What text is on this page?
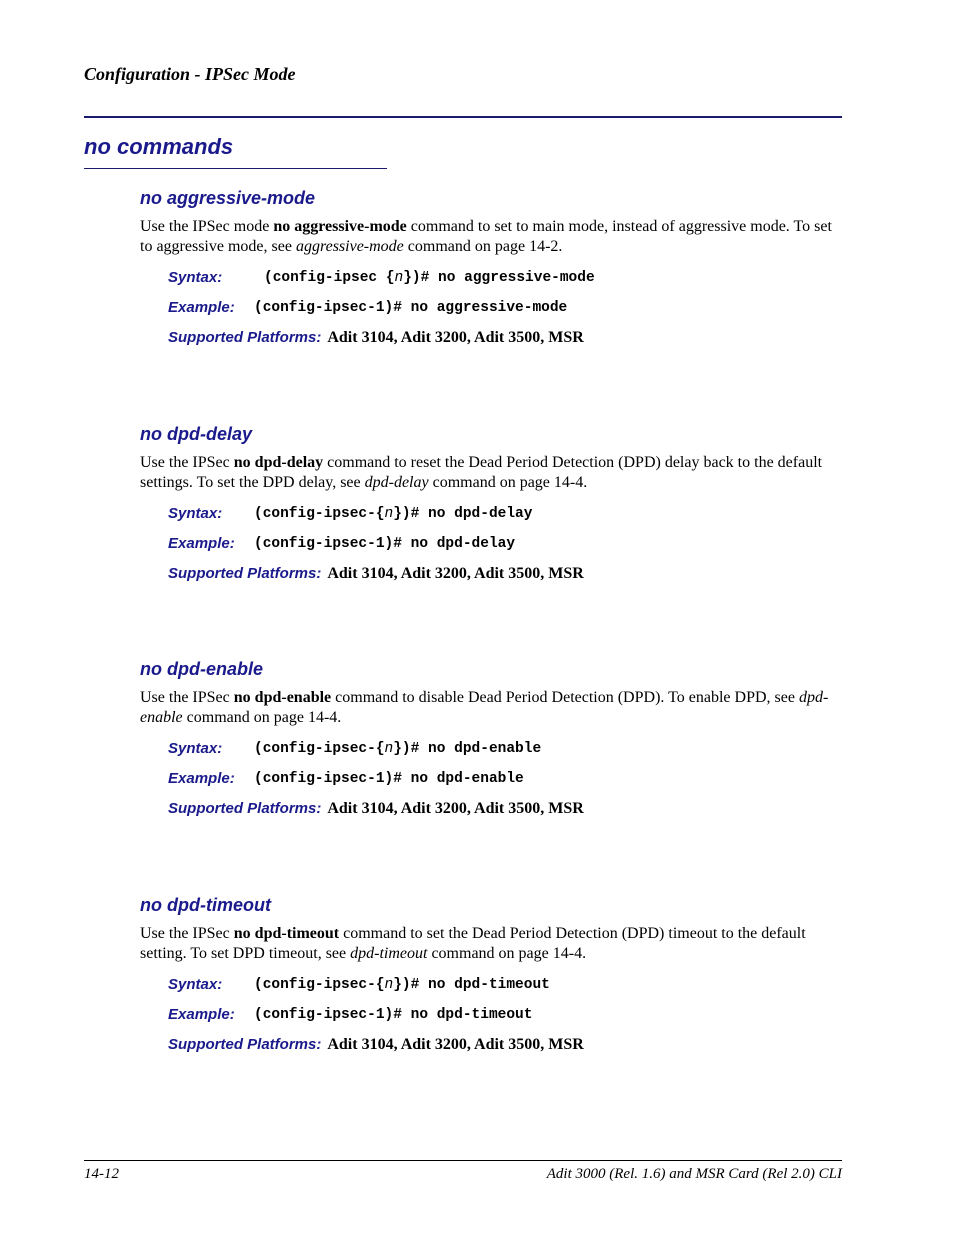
Configuration - IPSec Mode
no commands
no aggressive-mode

Use the IPSec mode no aggressive-mode command to set to main mode, instead of aggressive mode. To set to aggressive mode, see aggressive-mode command on page 14-2.

Syntax:	(config-ipsec {n})# no aggressive-mode
Example: (config-ipsec-1)# no aggressive-mode
Supported Platforms: Adit 3104, Adit 3200, Adit 3500, MSR
no dpd-delay

Use the IPSec no dpd-delay command to reset the Dead Period Detection (DPD) delay back to the default settings. To set the DPD delay, see dpd-delay command on page 14-4.

Syntax: (config-ipsec-{n})# no dpd-delay
Example: (config-ipsec-1)# no dpd-delay
Supported Platforms: Adit 3104, Adit 3200, Adit 3500, MSR
no dpd-enable

Use the IPSec no dpd-enable command to disable Dead Period Detection (DPD). To enable DPD, see dpd-enable command on page 14-4.

Syntax: (config-ipsec-{n})# no dpd-enable
Example: (config-ipsec-1)# no dpd-enable
Supported Platforms: Adit 3104, Adit 3200, Adit 3500, MSR
no dpd-timeout

Use the IPSec no dpd-timeout command to set the Dead Period Detection (DPD) timeout to the default setting. To set DPD timeout, see dpd-timeout command on page 14-4.

Syntax: (config-ipsec-{n})# no dpd-timeout
Example: (config-ipsec-1)# no dpd-timeout
Supported Platforms: Adit 3104, Adit 3200, Adit 3500, MSR
14-12	Adit 3000 (Rel. 1.6) and MSR Card (Rel 2.0) CLI
